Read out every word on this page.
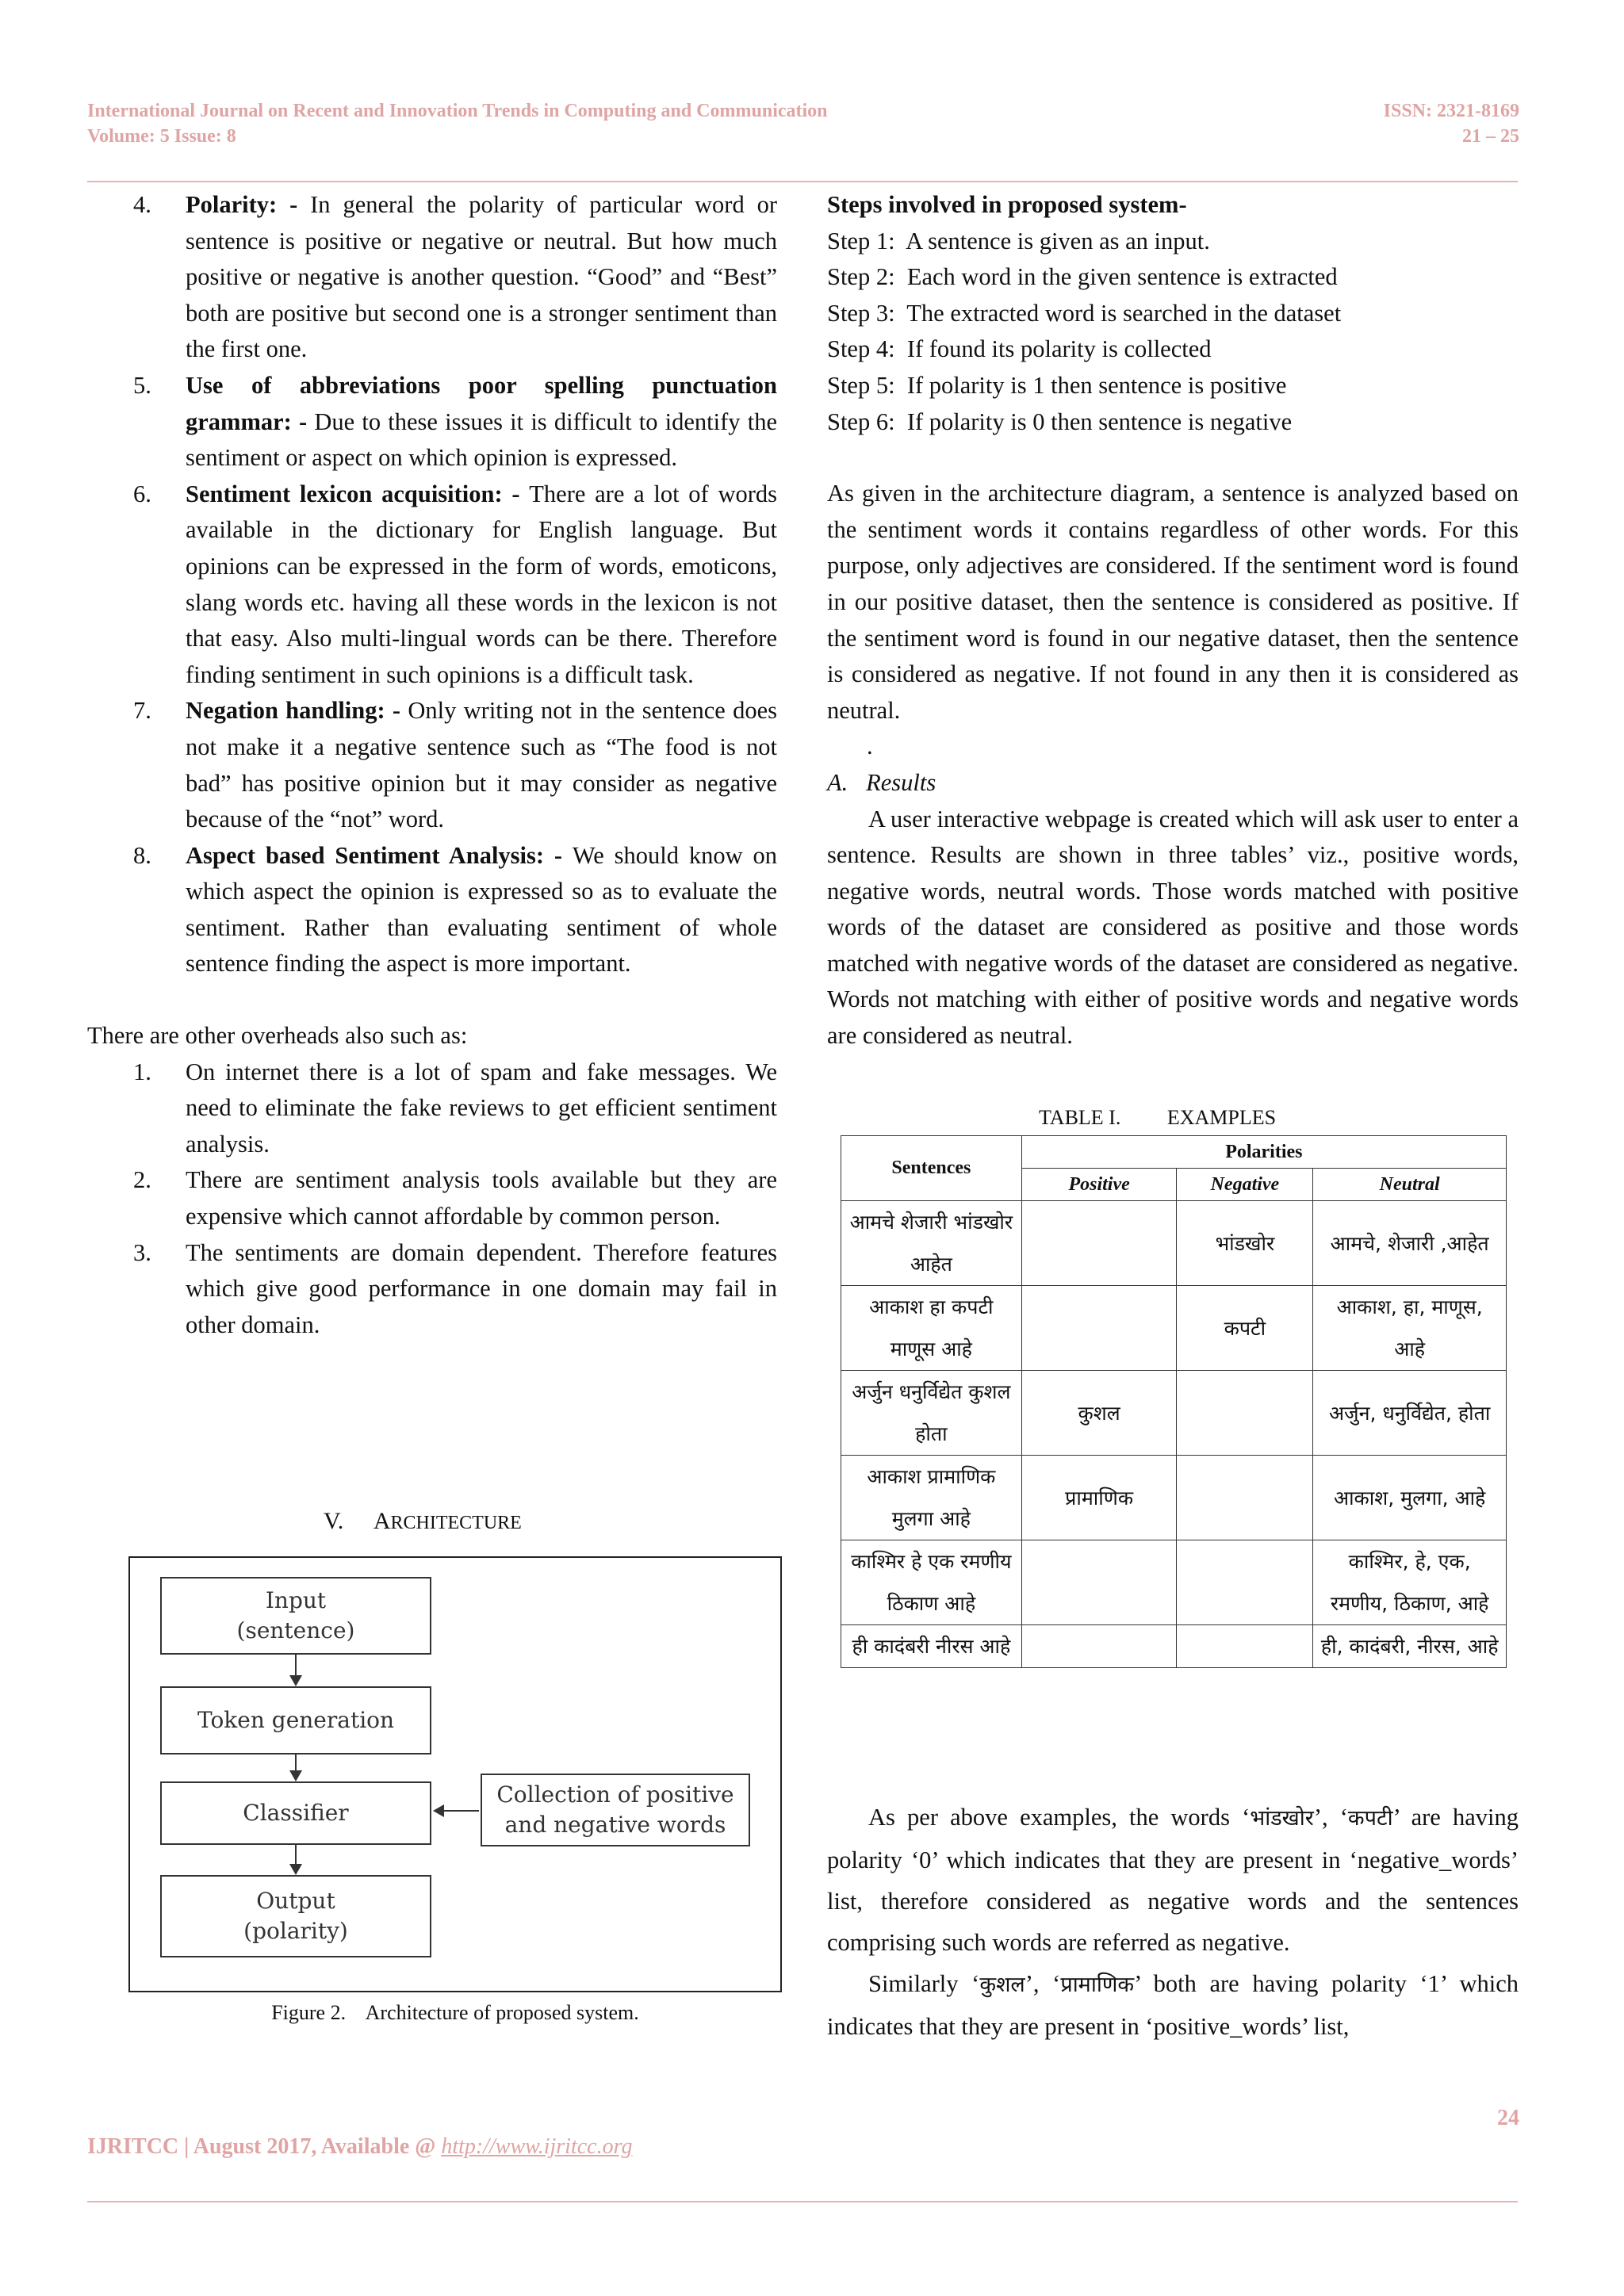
International Journal on Recent and Innovation Trends in Computing and Communication
Volume: 5 Issue: 8
ISSN: 2321-8169
21 – 25
4. Polarity: - In general the polarity of particular word or sentence is positive or negative or neutral. But how much positive or negative is another question. “Good” and “Best” both are positive but second one is a stronger sentiment than the first one.
5. Use of abbreviations poor spelling punctuation grammar: - Due to these issues it is difficult to identify the sentiment or aspect on which opinion is expressed.
6. Sentiment lexicon acquisition: - There are a lot of words available in the dictionary for English language. But opinions can be expressed in the form of words, emoticons, slang words etc. having all these words in the lexicon is not that easy. Also multi-lingual words can be there. Therefore finding sentiment in such opinions is a difficult task.
7. Negation handling: - Only writing not in the sentence does not make it a negative sentence such as “The food is not bad” has positive opinion but it may consider as negative because of the “not” word.
8. Aspect based Sentiment Analysis: - We should know on which aspect the opinion is expressed so as to evaluate the sentiment. Rather than evaluating sentiment of whole sentence finding the aspect is more important.

There are other overheads also such as:

1. On internet there is a lot of spam and fake messages. We need to eliminate the fake reviews to get efficient sentiment analysis.
2. There are sentiment analysis tools available but they are expensive which cannot affordable by common person.
3. The sentiments are domain dependent. Therefore features which give good performance in one domain may fail in other domain.
V. ARCHITECTURE
Input
(sentence)
Token generation
Classifier
Collection of positive
and negative words
Output
(polarity)
Figure 2.    Architecture of proposed system.

Steps involved in proposed system-

Step 1:  A sentence is given as an input.
Step 2:  Each word in the given sentence is extracted
Step 3:  The extracted word is searched in the dataset
Step 4:  If found its polarity is collected
Step 5:  If polarity is 1 then sentence is positive
Step 6:  If polarity is 0 then sentence is negative

As given in the architecture diagram, a sentence is analyzed based on the sentiment words it contains regardless of other words. For this purpose, only adjectives are considered. If the sentiment word is found in our positive dataset, then the sentence is considered as positive. If the sentiment word is found in our negative dataset, then the sentence is considered as negative. If not found in any then it is considered as neutral.

.

A.   Results

A user interactive webpage is created which will ask user to enter a sentence. Results are shown in three tables’ viz., positive words, negative words, neutral words. Those words matched with positive words of the dataset are considered as positive and those words matched with negative words of the dataset are considered as negative. Words not matching with either of positive words and negative words are considered as neutral.

TABLE I. EXAMPLES
Sentences	Polarities		
	Positive	Negative	Neutral
आमचे शेजारी भांडखोर आहेत		भांडखोर	आमचे, शेजारी ,आहेत
आकाश हा कपटी माणूस आहे		कपटी	आकाश, हा, माणूस, आहे
अर्जुन धनुर्विद्येत कुशल होता	कुशल		अर्जुन, धनुर्विद्येत, होता
आकाश प्रामाणिक मुलगा आहे	प्रामाणिक		आकाश, मुलगा, आहे
काश्मिर हे एक रमणीय ठिकाण आहे			काश्मिर, हे, एक, रमणीय, ठिकाण, आहे
ही कादंबरी नीरस आहे			ही, कादंबरी, नीरस, आहे

As per above examples, the words ‘भांडखोर’, ‘कपटी’ are having polarity ‘0’ which indicates that they are present in ‘negative_words’ list, therefore considered as negative words and the sentences comprising such words are referred as negative.

Similarly ‘कुशल’, ‘प्रामाणिक’ both are having polarity ‘1’ which indicates that they are present in ‘positive_words’ list,

24
IJRITCC | August 2017, Available @ http://www.ijritcc.org
